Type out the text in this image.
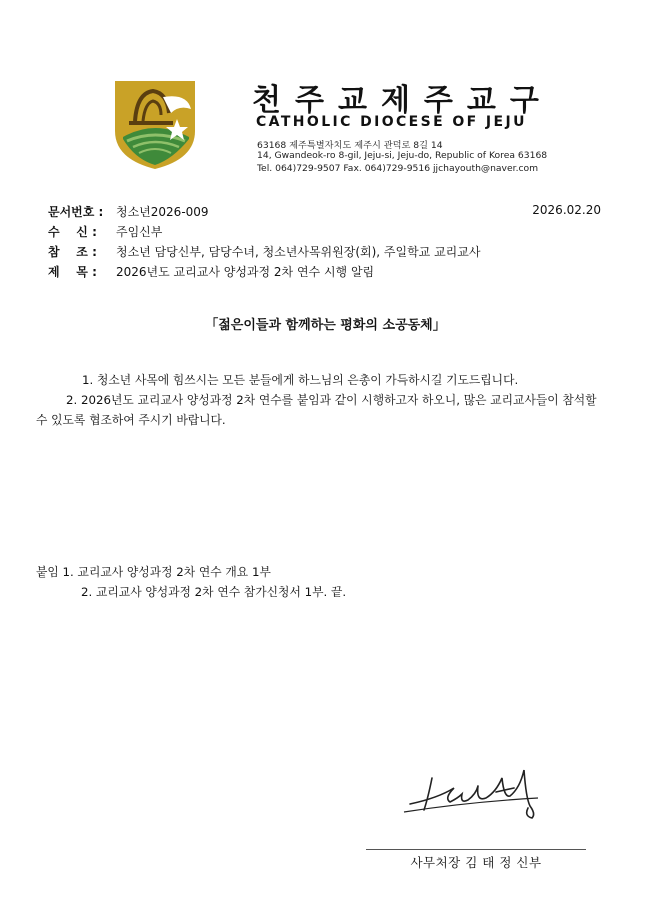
천주교제주교구
CATHOLIC DIOCESE OF JEJU
63168 제주특별자치도 제주시 관덕로 8길 14
14, Gwandeok-ro 8-gil, Jeju-si, Jeju-do, Republic of Korea 63168
Tel. 064)729-9507 Fax. 064)729-9516 jjchayouth@naver.com
문서번호 :	청소년2026-009	2026.02.20
수    신 :	주임신부
참    조 :	청소년 담당신부, 담당수녀, 청소년사목위원장(회), 주일학교 교리교사
제    목 :	2026년도 교리교사 양성과정 2차 연수 시행 알림
「젊은이들과 함께하는 평화의 소공동체」
1. 청소년 사목에 힘쓰시는 모든 분들에게 하느님의 은총이 가득하시길 기도드립니다.
2. 2026년도 교리교사 양성과정 2차 연수를 붙임과 같이 시행하고자 하오니, 많은 교리교사들이 참석할 수 있도록 협조하여 주시기 바랍니다.
붙임 1. 교리교사 양성과정 2차 연수 개요 1부
2. 교리교사 양성과정 2차 연수 참가신청서 1부. 끝.
사무처장 김 태 정 신부
